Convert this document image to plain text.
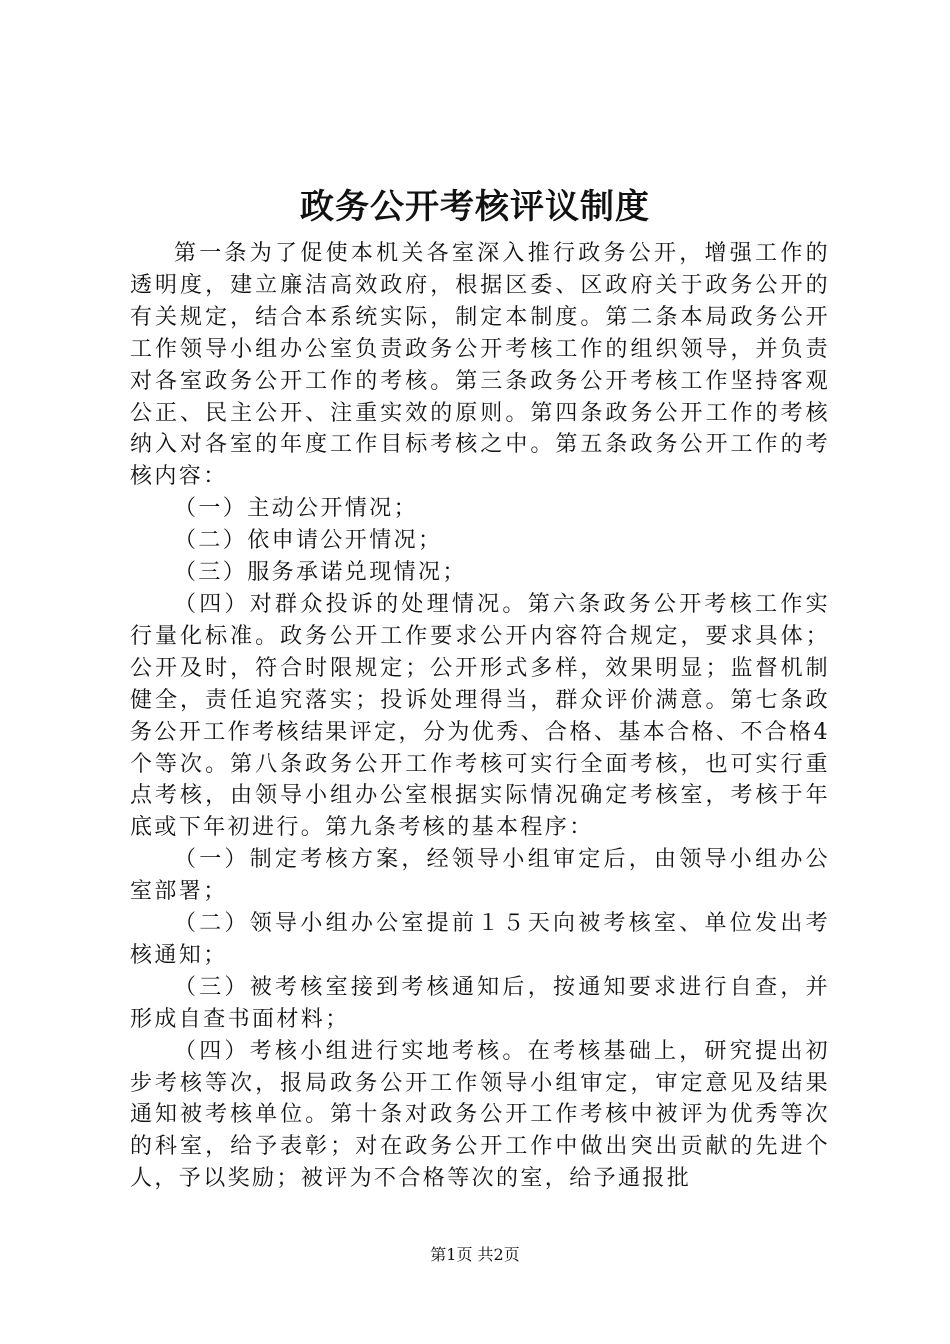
政务公开考核评议制度

第一条为了促使本机关各室深入推行政务公开，增强工作的透明度，建立廉洁高效政府，根据区委、区政府关于政务公开的有关规定，结合本系统实际，制定本制度。第二条本局政务公开工作领导小组办公室负责政务公开考核工作的组织领导，并负责对各室政务公开工作的考核。第三条政务公开考核工作坚持客观公正、民主公开、注重实效的原则。第四条政务公开工作的考核纳入对各室的年度工作目标考核之中。第五条政务公开工作的考核内容：

（一）主动公开情况；

（二）依申请公开情况；

（三）服务承诺兑现情况；

（四）对群众投诉的处理情况。第六条政务公开考核工作实行量化标准。政务公开工作要求公开内容符合规定，要求具体；公开及时，符合时限规定；公开形式多样，效果明显；监督机制健全，责任追究落实；投诉处理得当，群众评价满意。第七条政务公开工作考核结果评定，分为优秀、合格、基本合格、不合格4个等次。第八条政务公开工作考核可实行全面考核，也可实行重点考核，由领导小组办公室根据实际情况确定考核室，考核于年底或下年初进行。第九条考核的基本程序：

（一）制定考核方案，经领导小组审定后，由领导小组办公室部署；

（二）领导小组办公室提前１５天向被考核室、单位发出考核通知；

（三）被考核室接到考核通知后，按通知要求进行自查，并形成自查书面材料；

（四）考核小组进行实地考核。在考核基础上，研究提出初步考核等次，报局政务公开工作领导小组审定，审定意见及结果通知被考核单位。第十条对政务公开工作考核中被评为优秀等次的科室，给予表彰；对在政务公开工作中做出突出贡献的先进个人，予以奖励；被评为不合格等次的室，给予通报批

第1页 共2页
